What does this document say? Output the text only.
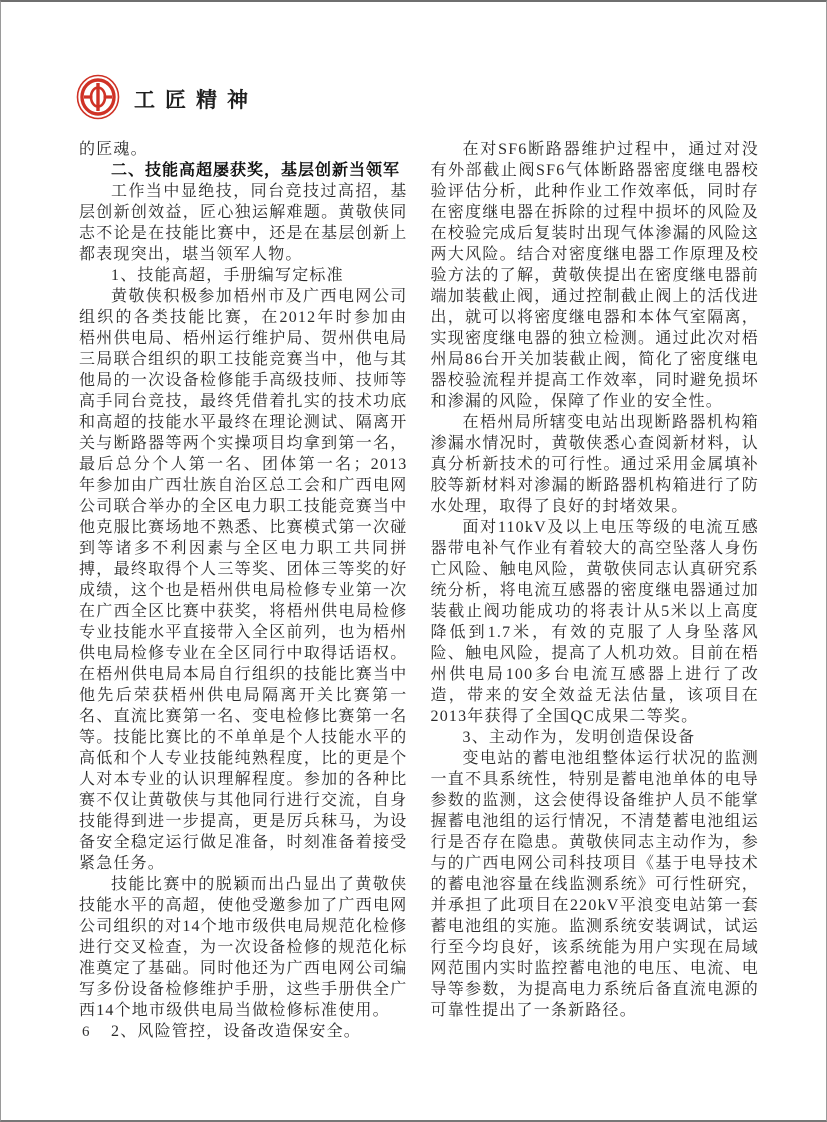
工匠精神

的匠魂。

二、技能高超屡获奖，基层创新当领军

工作当中显绝技，同台竞技过高招，基层创新创效益，匠心独运解难题。黄敬侠同志不论是在技能比赛中，还是在基层创新上都表现突出，堪当领军人物。

1、技能高超，手册编写定标准

黄敬侠积极参加梧州市及广西电网公司组织的各类技能比赛，在2012年时参加由梧州供电局、梧州运行维护局、贺州供电局三局联合组织的职工技能竞赛当中，他与其他局的一次设备检修能手高级技师、技师等高手同台竞技，最终凭借着扎实的技术功底和高超的技能水平最终在理论测试、隔离开关与断路器等两个实操项目均拿到第一名，最后总分个人第一名、团体第一名；2013年参加由广西壮族自治区总工会和广西电网公司联合举办的全区电力职工技能竞赛当中他克服比赛场地不熟悉、比赛模式第一次碰到等诸多不利因素与全区电力职工共同拼搏，最终取得个人三等奖、团体三等奖的好成绩，这个也是梧州供电局检修专业第一次在广西全区比赛中获奖，将梧州供电局检修专业技能水平直接带入全区前列，也为梧州供电局检修专业在全区同行中取得话语权。在梧州供电局本局自行组织的技能比赛当中他先后荣获梧州供电局隔离开关比赛第一名、直流比赛第一名、变电检修比赛第一名等。技能比赛比的不单单是个人技能水平的高低和个人专业技能纯熟程度，比的更是个人对本专业的认识理解程度。参加的各种比赛不仅让黄敬侠与其他同行进行交流，自身技能得到进一步提高，更是厉兵秣马，为设备安全稳定运行做足准备，时刻准备着接受紧急任务。

技能比赛中的脱颖而出凸显出了黄敬侠技能水平的高超，使他受邀参加了广西电网公司组织的对14个地市级供电局规范化检修进行交叉检查，为一次设备检修的规范化标准奠定了基础。同时他还为广西电网公司编写多份设备检修维护手册，这些手册供全广西14个地市级供电局当做检修标准使用。

2、风险管控，设备改造保安全。

在对SF6断路器维护过程中，通过对没有外部截止阀SF6气体断路器密度继电器校验评估分析，此种作业工作效率低，同时存在密度继电器在拆除的过程中损坏的风险及在校验完成后复装时出现气体渗漏的风险这两大风险。结合对密度继电器工作原理及校验方法的了解，黄敬侠提出在密度继电器前端加装截止阀，通过控制截止阀上的活伐进出，就可以将密度继电器和本体气室隔离，实现密度继电器的独立检测。通过此次对梧州局86台开关加装截止阀，简化了密度继电器校验流程并提高工作效率，同时避免损坏和渗漏的风险，保障了作业的安全性。

在梧州局所辖变电站出现断路器机构箱渗漏水情况时，黄敬侠悉心查阅新材料，认真分析新技术的可行性。通过采用金属填补胶等新材料对渗漏的断路器机构箱进行了防水处理，取得了良好的封堵效果。

面对110kV及以上电压等级的电流互感器带电补气作业有着较大的高空坠落人身伤亡风险、触电风险，黄敬侠同志认真研究系统分析，将电流互感器的密度继电器通过加装截止阀功能成功的将表计从5米以上高度降低到1.7米，有效的克服了人身坠落风险、触电风险，提高了人机功效。目前在梧州供电局100多台电流互感器上进行了改造，带来的安全效益无法估量，该项目在2013年获得了全国QC成果二等奖。

3、主动作为，发明创造保设备

变电站的蓄电池组整体运行状况的监测一直不具系统性，特别是蓄电池单体的电导参数的监测，这会使得设备维护人员不能掌握蓄电池组的运行情况，不清楚蓄电池组运行是否存在隐患。黄敬侠同志主动作为，参与的广西电网公司科技项目《基于电导技术的蓄电池容量在线监测系统》可行性研究，并承担了此项目在220kV平浪变电站第一套蓄电池组的实施。监测系统安装调试，试运行至今均良好，该系统能为用户实现在局域网范围内实时监控蓄电池的电压、电流、电导等参数，为提高电力系统后备直流电源的可靠性提出了一条新路径。

6
